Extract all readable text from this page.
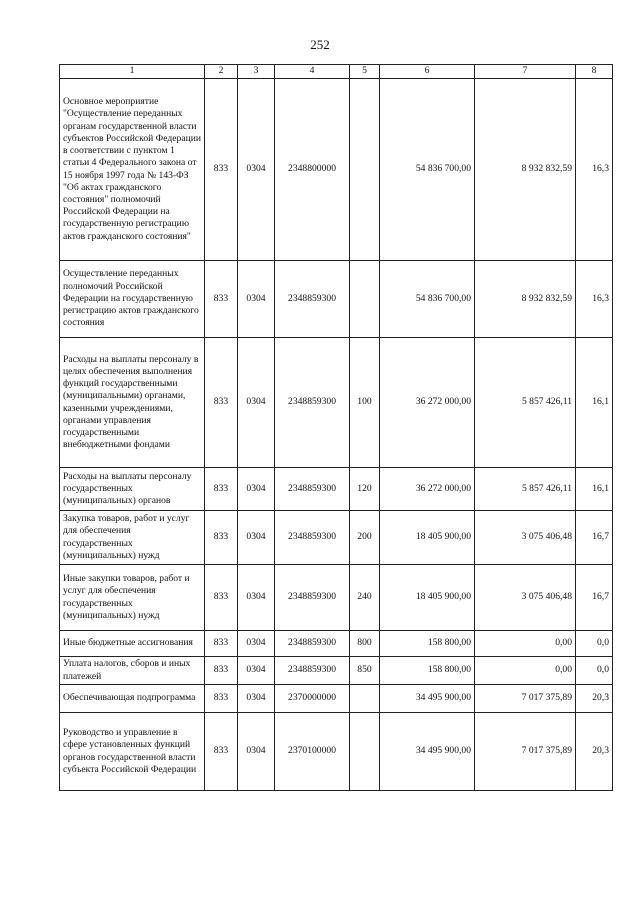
252
1	2	3	4	5	6	7	8
Основное мероприятие "Осуществление переданных органам государственной власти субъектов Российской Федерации в соответствии с пунктом 1 статьи 4 Федерального закона от 15 ноября 1997 года № 143-ФЗ "Об актах гражданского состояния" полномочий Российской Федерации на государственную регистрацию актов гражданского состояния"	833	0304	2348800000		54 836 700,00	8 932 832,59	16,3
Осуществление переданных полномочий Российской Федерации на государственную регистрацию актов гражданского состояния	833	0304	2348859300		54 836 700,00	8 932 832,59	16,3
Расходы на выплаты персоналу в целях обеспечения выполнения функций государственными (муниципальными) органами, казенными учреждениями, органами управления государственными внебюджетными фондами	833	0304	2348859300	100	36 272 000,00	5 857 426,11	16,1
Расходы на выплаты персоналу государственных (муниципальных) органов	833	0304	2348859300	120	36 272 000,00	5 857 426,11	16,1
Закупка товаров, работ и услуг для обеспечения государственных (муниципальных) нужд	833	0304	2348859300	200	18 405 900,00	3 075 406,48	16,7
Иные закупки товаров, работ и услуг для обеспечения государственных (муниципальных) нужд	833	0304	2348859300	240	18 405 900,00	3 075 406,48	16,7
Иные бюджетные ассигнования	833	0304	2348859300	800	158 800,00	0,00	0,0
Уплата налогов, сборов и иных платежей	833	0304	2348859300	850	158 800,00	0,00	0,0
Обеспечивающая подпрограмма	833	0304	2370000000		34 495 900,00	7 017 375,89	20,3
Руководство и управление в сфере установленных функций органов государственной власти субъекта Российской Федерации	833	0304	2370100000		34 495 900,00	7 017 375,89	20,3
